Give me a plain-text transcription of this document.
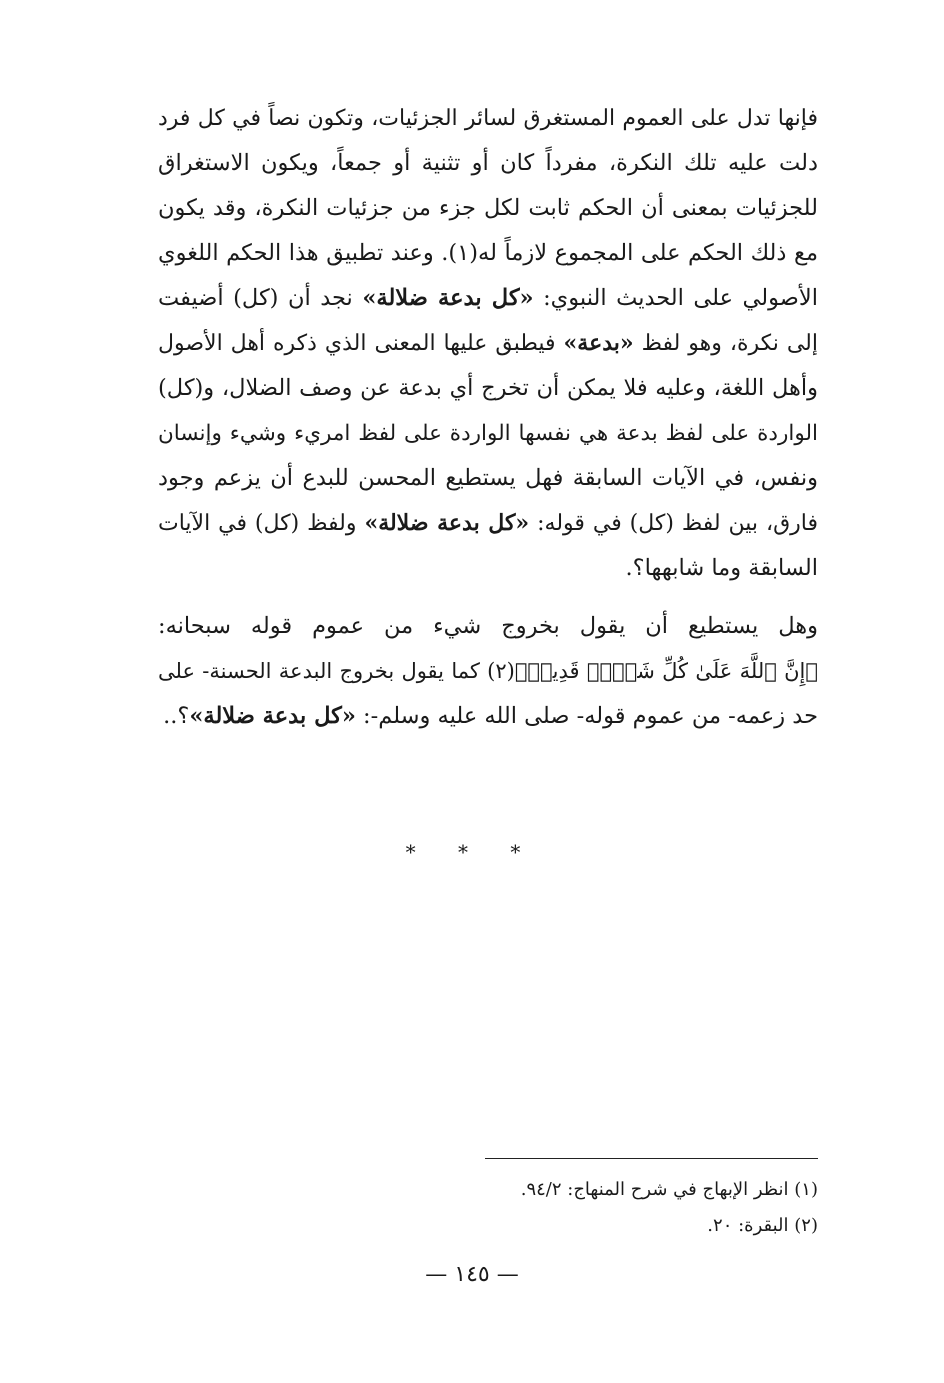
فإنها تدل على العموم المستغرق لسائر الجزئيات، وتكون نصاً في كل فرد
دلت عليه تلك النكرة، مفرداً كان أو تثنية أو جمعاً، ويكون الاستغراق
للجزئيات بمعنى أن الحكم ثابت لكل جزء من جزئيات النكرة، وقد يكون
مع ذلك الحكم على المجموع لازماً له(١). وعند تطبيق هذا الحكم اللغوي
الأصولي على الحديث النبوي: «كل بدعة ضلالة» نجد أن (كل) أضيفت
إلى نكرة، وهو لفظ «بدعة» فيطبق عليها المعنى الذي ذكره أهل الأصول
وأهل اللغة، وعليه فلا يمكن أن تخرج أي بدعة عن وصف الضلال، و(كل)
الواردة على لفظ بدعة هي نفسها الواردة على لفظ امريء وشيء وإنسان
ونفس، في الآيات السابقة فهل يستطيع المحسن للبدع أن يزعم وجود
فارق، بين لفظ (كل) في قوله: «كل بدعة ضلالة» ولفظ (كل) في الآيات
السابقة وما شابهها؟.
وهل يستطيع أن يقول بخروج شيء من عموم قوله سبحانه:
﴿إِنَّ ٱللَّهَ عَلَىٰ كُلِّ شَيۡءٖ قَدِيرٞ﴾(٢) كما يقول بخروج البدعة الحسنة- على
حد زعمه- من عموم قوله- صلى الله عليه وسلم-: «كل بدعة ضلالة»؟..
* * *
(١) انظر الإبهاج في شرح المنهاج: ٩٤/٢.
(٢) البقرة: ٢٠.
— ١٤٥ —
